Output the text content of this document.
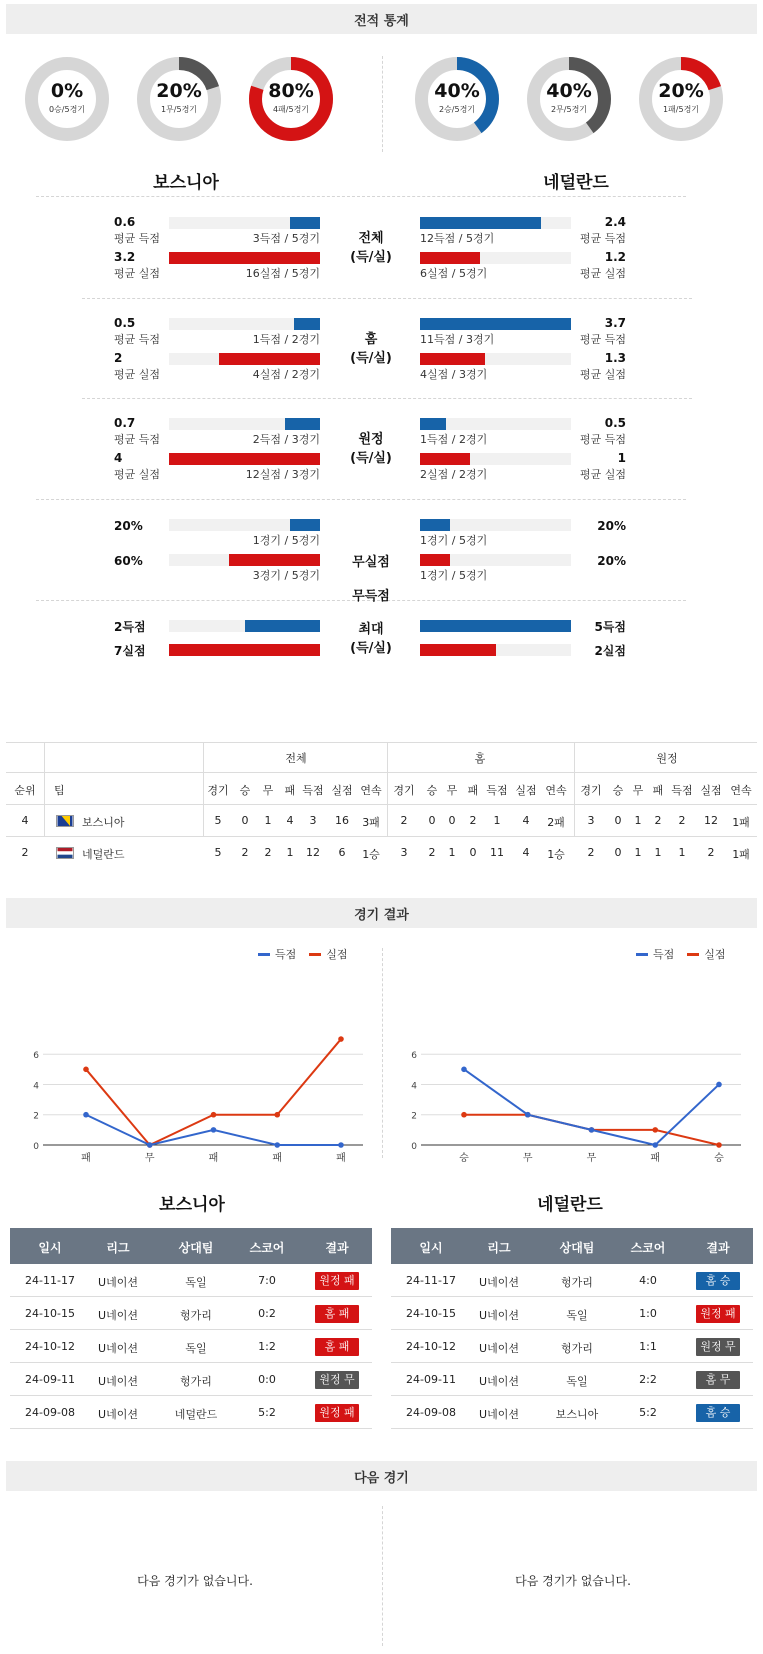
전적 통계
0%
0승/5경기
20%
1무/5경기
80%
4패/5경기
40%
2승/5경기
40%
2무/5경기
20%
1패/5경기
보스니아	네덜란드
0.6
평균 득점	3득점 / 5경기
3.2
평균 실점	16실점 / 5경기
12득점 / 5경기
2.4
평균 득점
6실점 / 5경기
1.2
평균 실점
전체
(득/실)
0.5
평균 득점	1득점 / 2경기
2
평균 실점	4실점 / 2경기
11득점 / 3경기
3.7
평균 득점
4실점 / 3경기
1.3
평균 실점
홈
(득/실)
0.7
평균 득점	2득점 / 3경기
4
평균 실점	12실점 / 3경기
1득점 / 2경기
0.5
평균 득점
2실점 / 2경기
1
평균 실점
원정
(득/실)
20%
1경기 / 5경기	1경기 / 5경기
20%
60%
3경기 / 5경기	1경기 / 5경기
20%
무실점
무득점
2득점	5득점
7실점	2실점
최대
(득/실)
전체	홈	원정
순위	팀	경기	승	무	패 득점 실점 연속	경기	승 무 패 득점 실점 연속	경기	승 무 패 득점 실점 연속
4	보스니아	5	0	1	4	3	16	3패	2	0	0	2	1	4	2패	3	0	1	2	2	12	1패
2	네덜란드	5	2	2	1	12	6	1승	3	2	1	0	11	4	1승	2	0	1	1	1	2	1패
경기 결과
0
2
4
6
패	무	패	패	패
득점	실점
0
2
4
6
승	무	무	패	승
득점	실점
보스니아	네덜란드
일시	리그	상대팀	스코어	결과
24-11-17	U네이션	독일	7:0	원정 패
24-10-15	U네이션	헝가리	0:2	홈 패
24-10-12	U네이션	독일	1:2	홈 패
24-09-11	U네이션	헝가리	0:0	원정 무
24-09-08	U네이션	네덜란드	5:2	원정 패
일시	리그	상대팀	스코어	결과
24-11-17	U네이션	헝가리	4:0	홈 승
24-10-15	U네이션	독일	1:0	원정 패
24-10-12	U네이션	헝가리	1:1	원정 무
24-09-11	U네이션	독일	2:2	홈 무
24-09-08	U네이션	보스니아	5:2	홈 승
다음 경기
다음 경기가 없습니다.	다음 경기가 없습니다.
